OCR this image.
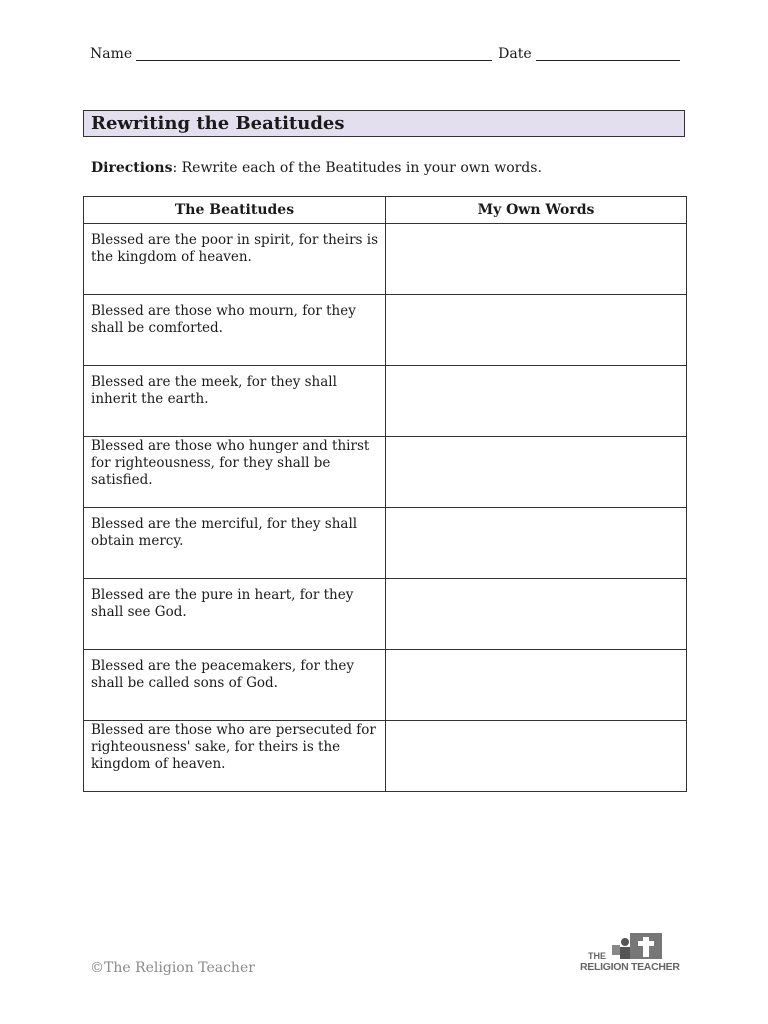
Name	Date
Rewriting the Beatitudes
Directions: Rewrite each of the Beatitudes in your own words.
The Beatitudes	My Own Words

Blessed are the poor in spirit, for theirs is the kingdom of heaven.	

Blessed are those who mourn, for they shall be comforted.	

Blessed are the meek, for they shall inherit the earth.	

Blessed are those who hunger and thirst for righteousness, for they shall be satisfied.	

Blessed are the merciful, for they shall obtain mercy.	

Blessed are the pure in heart, for they shall see God.	

Blessed are the peacemakers, for they shall be called sons of God.	

Blessed are those who are persecuted for righteousness' sake, for theirs is the kingdom of heaven.	

©The Religion Teacher
THE
RELIGION TEACHER
